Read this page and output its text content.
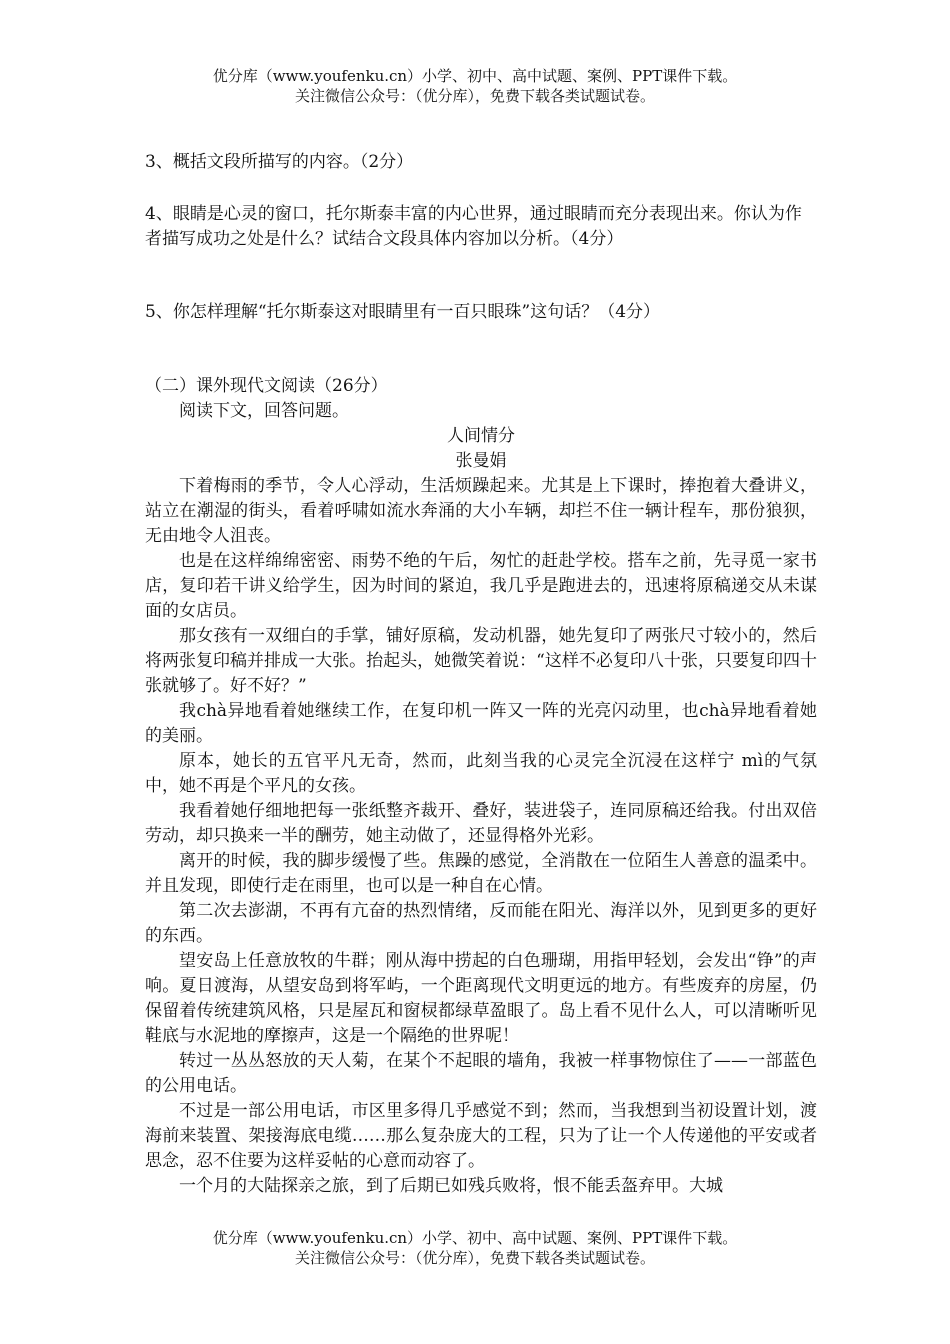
优分库（www.youfenku.cn）小学、初中、高中试题、案例、PPT课件下载。
关注微信公众号：（优分库），免费下载各类试题试卷。
3、概括文段所描写的内容。（2分）
4、眼睛是心灵的窗口，托尔斯泰丰富的内心世界，通过眼睛而充分表现出来。你认为作者描写成功之处是什么？试结合文段具体内容加以分析。（4分）
5、你怎样理解“托尔斯泰这对眼睛里有一百只眼珠”这句话？（4分）

（二）课外现代文阅读（26分）

阅读下文，回答问题。

人间情分

张曼娟

下着梅雨的季节，令人心浮动，生活烦躁起来。尤其是上下课时，捧抱着大叠讲义，站立在潮湿的街头，看着呼啸如流水奔涌的大小车辆，却拦不住一辆计程车，那份狼狈，无由地令人沮丧。

也是在这样绵绵密密、雨势不绝的午后，匆忙的赶赴学校。搭车之前，先寻觅一家书店，复印若干讲义给学生，因为时间的紧迫，我几乎是跑进去的，迅速将原稿递交从未谋面的女店员。

那女孩有一双细白的手掌，铺好原稿，发动机器，她先复印了两张尺寸较小的，然后将两张复印稿并排成一大张。抬起头，她微笑着说：“这样不必复印八十张，只要复印四十张就够了。好不好？”

我chà异地看着她继续工作，在复印机一阵又一阵的光亮闪动里，也chà异地看着她的美丽。

原本，她长的五官平凡无奇，然而，此刻当我的心灵完全沉浸在这样宁 mì的气氛中，她不再是个平凡的女孩。

我看着她仔细地把每一张纸整齐裁开、叠好，装进袋子，连同原稿还给我。付出双倍劳动，却只换来一半的酬劳，她主动做了，还显得格外光彩。

离开的时候，我的脚步缓慢了些。焦躁的感觉，全消散在一位陌生人善意的温柔中。并且发现，即使行走在雨里，也可以是一种自在心情。

第二次去澎湖，不再有亢奋的热烈情绪，反而能在阳光、海洋以外，见到更多的更好的东西。

望安岛上任意放牧的牛群；刚从海中捞起的白色珊瑚，用指甲轻划，会发出“铮”的声响。夏日渡海，从望安岛到将军屿，一个距离现代文明更远的地方。有些废弃的房屋，仍保留着传统建筑风格，只是屋瓦和窗棂都绿草盈眼了。岛上看不见什么人，可以清晰听见鞋底与水泥地的摩擦声，这是一个隔绝的世界呢！

转过一丛丛怒放的天人菊，在某个不起眼的墙角，我被一样事物惊住了——一部蓝色的公用电话。

不过是一部公用电话，市区里多得几乎感觉不到；然而，当我想到当初设置计划，渡海前来装置、架接海底电缆……那么复杂庞大的工程，只为了让一个人传递他的平安或者思念，忍不住要为这样妥帖的心意而动容了。

一个月的大陆探亲之旅，到了后期已如残兵败将，恨不能丢盔弃甲。大城

优分库（www.youfenku.cn）小学、初中、高中试题、案例、PPT课件下载。
关注微信公众号：（优分库），免费下载各类试题试卷。
